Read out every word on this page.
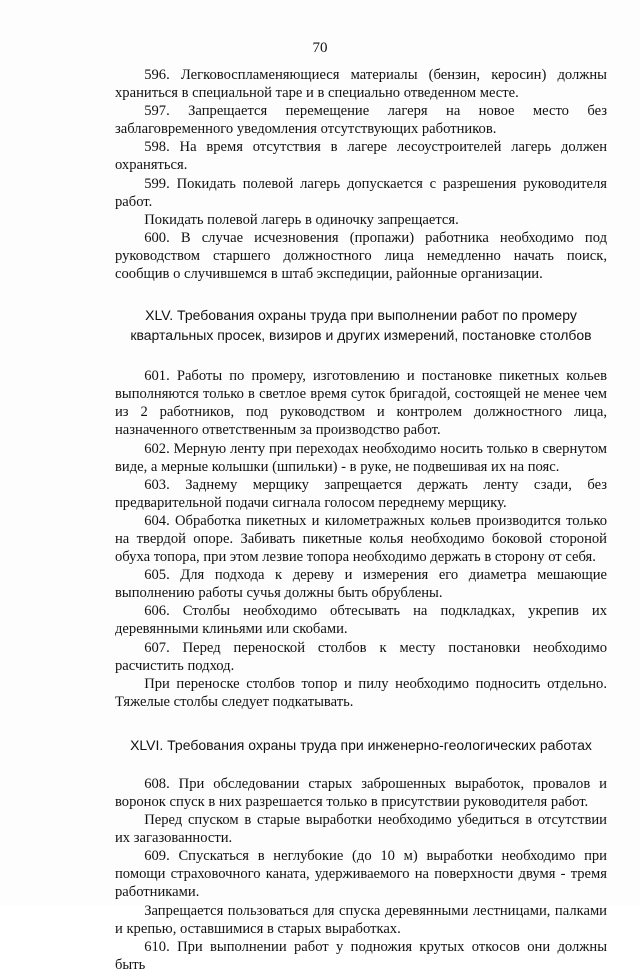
70

596. Легковоспламеняющиеся материалы (бензин, керосин) должны храниться в специальной таре и в специально отведенном месте.

597. Запрещается перемещение лагеря на новое место без заблаговременного уведомления отсутствующих работников.

598. На время отсутствия в лагере лесоустроителей лагерь должен охраняться.

599. Покидать полевой лагерь допускается с разрешения руководителя работ.

Покидать полевой лагерь в одиночку запрещается.

600. В случае исчезновения (пропажи) работника необходимо под руководством старшего должностного лица немедленно начать поиск, сообщив о случившемся в штаб экспедиции, районные организации.

XLV. Требования охраны труда при выполнении работ по промеру квартальных просек, визиров и других измерений, постановке столбов

601. Работы по промеру, изготовлению и постановке пикетных кольев выполняются только в светлое время суток бригадой, состоящей не менее чем из 2 работников, под руководством и контролем должностного лица, назначенного ответственным за производство работ.

602. Мерную ленту при переходах необходимо носить только в свернутом виде, а мерные колышки (шпильки) - в руке, не подвешивая их на пояс.

603. Заднему мерщику запрещается держать ленту сзади, без предварительной подачи сигнала голосом переднему мерщику.

604. Обработка пикетных и километражных кольев производится только на твердой опоре. Забивать пикетные колья необходимо боковой стороной обуха топора, при этом лезвие топора необходимо держать в сторону от себя.

605. Для подхода к дереву и измерения его диаметра мешающие выполнению работы сучья должны быть обрублены.

606. Столбы необходимо обтесывать на подкладках, укрепив их деревянными клиньями или скобами.

607. Перед переноской столбов к месту постановки необходимо расчистить подход.

При переноске столбов топор и пилу необходимо подносить отдельно. Тяжелые столбы следует подкатывать.

XLVI. Требования охраны труда при инженерно-геологических работах

608. При обследовании старых заброшенных выработок, провалов и воронок спуск в них разрешается только в присутствии руководителя работ.

Перед спуском в старые выработки необходимо убедиться в отсутствии их загазованности.

609. Спускаться в неглубокие (до 10 м) выработки необходимо при помощи страховочного каната, удерживаемого на поверхности двумя - тремя работниками.

Запрещается пользоваться для спуска деревянными лестницами, палками и крепью, оставшимися в старых выработках.

610. При выполнении работ у подножия крутых откосов они должны быть
